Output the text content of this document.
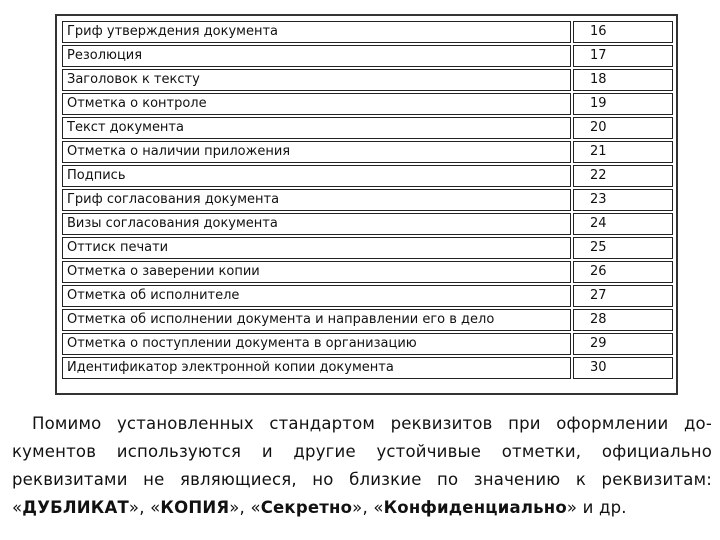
Гриф утверждения документа	16
Резолюция	17
Заголовок к тексту	18
Отметка о контроле	19
Текст документа	20
Отметка о наличии приложения	21
Подпись	22
Гриф согласования документа	23
Визы согласования документа	24
Оттиск печати	25
Отметка о заверении копии	26
Отметка об исполнителе	27
Отметка об исполнении документа и направлении его в дело	28
Отметка о поступлении документа в организацию	29
Идентификатор электронной копии документа	30

Помимо установленных стандартом реквизитов при оформлении до-
кументов используются и другие устойчивые отметки, официально
реквизитами не являющиеся, но близкие по значению к реквизитам:
«ДУБЛИКАТ», «КОПИЯ», «Секретно», «Конфиденциально» и др.
